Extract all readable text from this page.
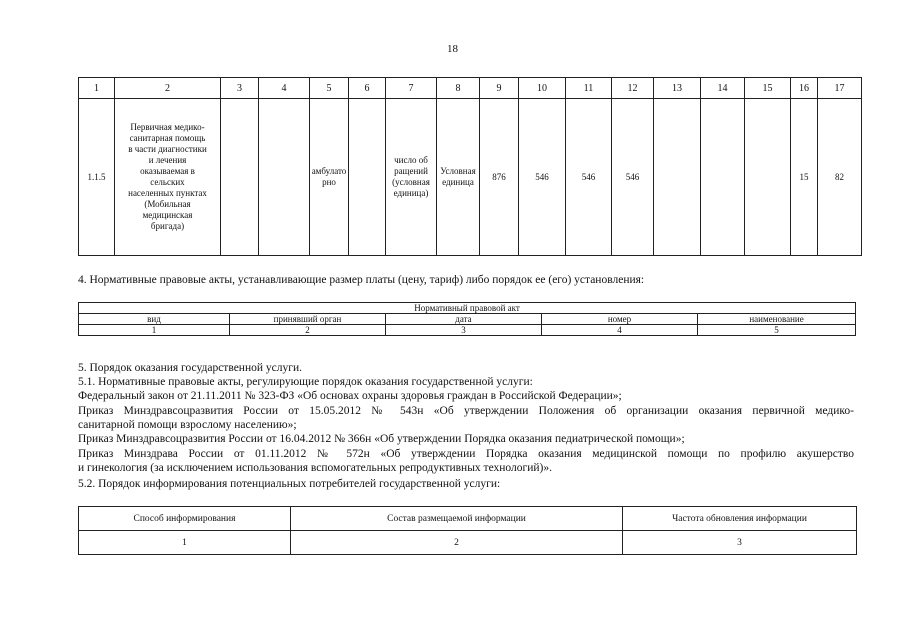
18
1	2	3	4	5	6	7	8	9	10	11	12	13	14	15	16	17
1.1.5	Первичная медико-санитарная помощь в части диагностики и лечения оказываемая в сельских населенных пунктах (Мобильная медицинская бригада)			амбулаторно		число обращений (условная единица)	Условная единица	876	546	546	546				15	82
4. Нормативные правовые акты, устанавливающие размер платы (цену, тариф) либо порядок ее (его) установления:
Нормативный правовой акт				
вид	принявший орган	дата	номер	наименование
1	2	3	4	5
5. Порядок оказания государственной услуги.
5.1. Нормативные правовые акты, регулирующие порядок оказания государственной услуги:
Федеральный закон от 21.11.2011 № 323-ФЗ «Об основах охраны здоровья граждан в Российской Федерации»;
Приказ Минздравсоцразвития России от 15.05.2012 № 543н «Об утверждении Положения об организации оказания первичной медико-
санитарной помощи взрослому населению»;
Приказ Минздравсоцразвития России от 16.04.2012 № 366н «Об утверждении Порядка оказания педиатрической помощи»;
Приказ Минздрава России от 01.11.2012 № 572н «Об утверждении Порядка оказания медицинской помощи по профилю акушерство
и гинекология (за исключением использования вспомогательных репродуктивных технологий)».
5.2. Порядок информирования потенциальных потребителей государственной услуги:
Способ информирования	Состав размещаемой информации	Частота обновления информации
1	2	3
